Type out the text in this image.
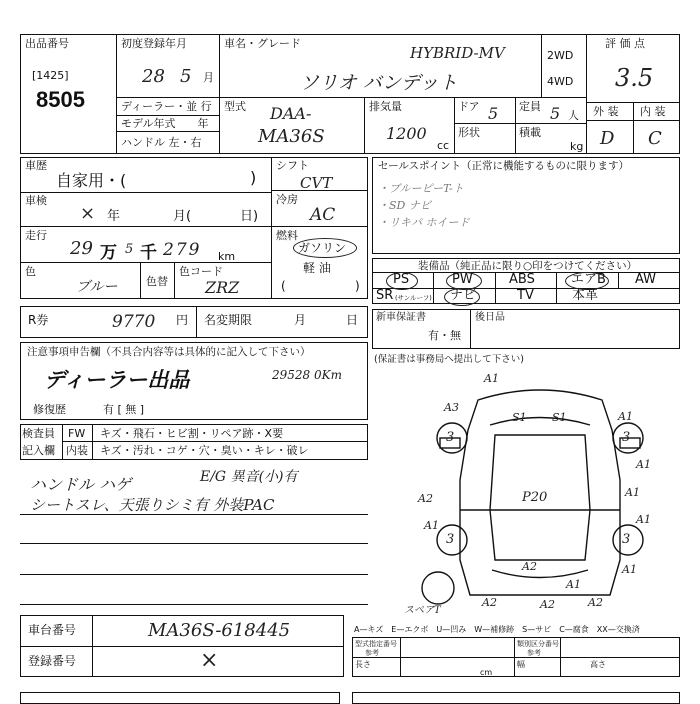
出品番号
[1425]
8505
初度登録年月
28 5 月
ディーラー・並 行
モデル年式　　年
ハンドル 左・右
車名・グレード
HYBRID-MV
ソリオ バンデット
2WD
4WD
型式 DAA-
MA36S
排気量
1200
cc
ドア 5 定員 5 人
形状	積載
kg
評 価 点
3.5
外 装 内 装
D C
車歴
自家用・(	)
車検
× 年	月(	日)
走行
29 万 5 千 279 km
色
ブルー	色替
色コード
ZRZ
シフト
CVT
冷房
AC
燃料
ガソリン
軽 油
(	)
セールスポイント（正常に機能するものに限ります）
・ブルーピーT-ト
・SD ナビ
・リキパ ホイード
装備品（純正品に限り○印をつけてください）
PS	PW	ABS	エアB AW
SR (サンルーフ) ナビ	TV	本革
R券	9770 円 名変期限	月	日 新車保証書
有・無
後日品
(保証書は事務局へ提出して下さい)
注意事項申告欄（不具合内容等は具体的に記入して下さい）
ディーラー出品	29528 0Km
修復歴	有 [ 無 ]
検査員
記入欄
FW キズ・飛石・ヒビ割・リペア跡・X要
内装 キズ・汚れ・コゲ・穴・臭い・キレ・破レ
ハンドル ハゲ	E/G 異音(小)有
シートスレ、天張りシミ有 外装PAC
3	3
3	3
P20
スペアT
A1
A3
S1 S1	A1
A1
A1
A2
A1	A1
A1
A2
A2
A2	A2
A1
車台番号	MA36S-618445
登録番号	×
A—キズ　E—エクボ　U—凹み　W—補修跡　S—サビ　C—腐食　XX—交換済
型式指定番号
参考
類別区分番号
参考
長さ	幅	高さ
cm
